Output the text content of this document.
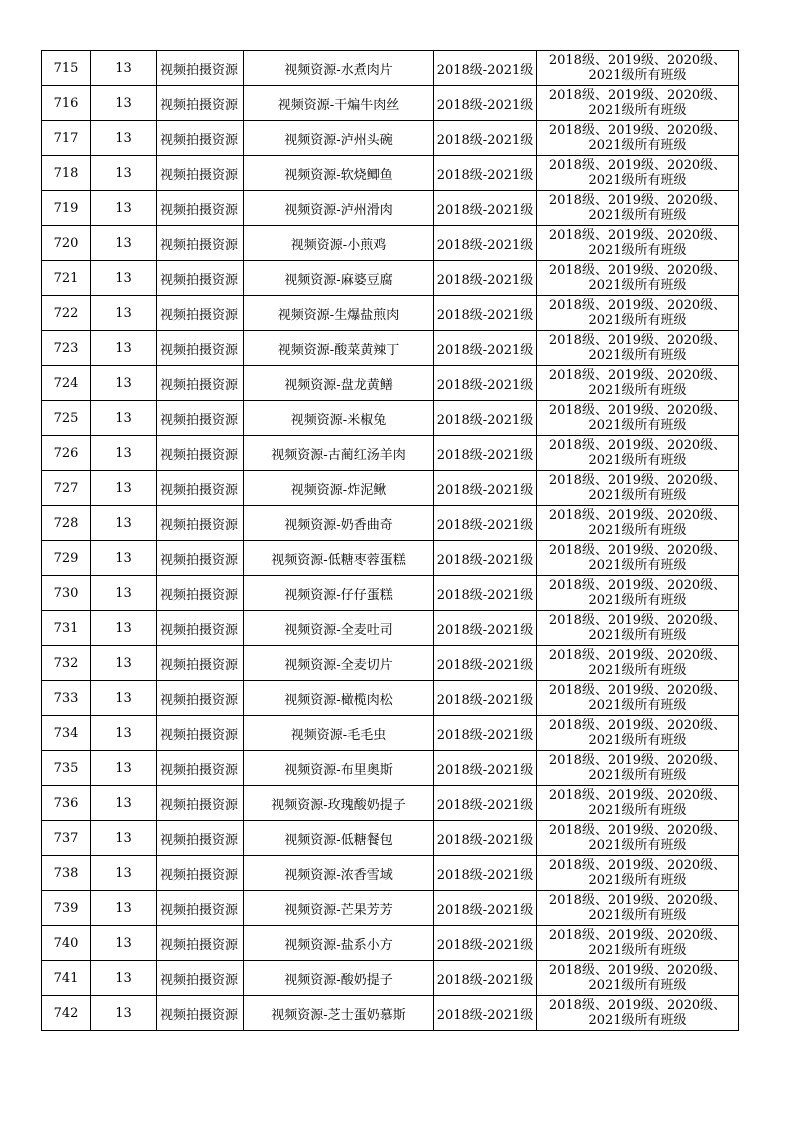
715	13	视频拍摄资源	视频资源-水煮肉片	2018级-2021级	2018级、2019级、2020级、
2021级所有班级

716	13	视频拍摄资源	视频资源-干煸牛肉丝	2018级-2021级	2018级、2019级、2020级、
2021级所有班级

717	13	视频拍摄资源	视频资源-泸州头碗	2018级-2021级	2018级、2019级、2020级、
2021级所有班级

718	13	视频拍摄资源	视频资源-软烧鲫鱼	2018级-2021级	2018级、2019级、2020级、
2021级所有班级

719	13	视频拍摄资源	视频资源-泸州滑肉	2018级-2021级	2018级、2019级、2020级、
2021级所有班级

720	13	视频拍摄资源	视频资源-小煎鸡	2018级-2021级	2018级、2019级、2020级、
2021级所有班级

721	13	视频拍摄资源	视频资源-麻婆豆腐	2018级-2021级	2018级、2019级、2020级、
2021级所有班级

722	13	视频拍摄资源	视频资源-生爆盐煎肉	2018级-2021级	2018级、2019级、2020级、
2021级所有班级

723	13	视频拍摄资源	视频资源-酸菜黄辣丁	2018级-2021级	2018级、2019级、2020级、
2021级所有班级

724	13	视频拍摄资源	视频资源-盘龙黄鳝	2018级-2021级	2018级、2019级、2020级、
2021级所有班级

725	13	视频拍摄资源	视频资源-米椒兔	2018级-2021级	2018级、2019级、2020级、
2021级所有班级

726	13	视频拍摄资源	视频资源-古蔺红汤羊肉	2018级-2021级	2018级、2019级、2020级、
2021级所有班级

727	13	视频拍摄资源	视频资源-炸泥鳅	2018级-2021级	2018级、2019级、2020级、
2021级所有班级

728	13	视频拍摄资源	视频资源-奶香曲奇	2018级-2021级	2018级、2019级、2020级、
2021级所有班级

729	13	视频拍摄资源	视频资源-低糖枣蓉蛋糕	2018级-2021级	2018级、2019级、2020级、
2021级所有班级

730	13	视频拍摄资源	视频资源-仔仔蛋糕	2018级-2021级	2018级、2019级、2020级、
2021级所有班级

731	13	视频拍摄资源	视频资源-全麦吐司	2018级-2021级	2018级、2019级、2020级、
2021级所有班级

732	13	视频拍摄资源	视频资源-全麦切片	2018级-2021级	2018级、2019级、2020级、
2021级所有班级

733	13	视频拍摄资源	视频资源-橄榄肉松	2018级-2021级	2018级、2019级、2020级、
2021级所有班级

734	13	视频拍摄资源	视频资源-毛毛虫	2018级-2021级	2018级、2019级、2020级、
2021级所有班级

735	13	视频拍摄资源	视频资源-布里奥斯	2018级-2021级	2018级、2019级、2020级、
2021级所有班级

736	13	视频拍摄资源	视频资源-玫瑰酸奶提子	2018级-2021级	2018级、2019级、2020级、
2021级所有班级

737	13	视频拍摄资源	视频资源-低糖餐包	2018级-2021级	2018级、2019级、2020级、
2021级所有班级

738	13	视频拍摄资源	视频资源-浓香雪域	2018级-2021级	2018级、2019级、2020级、
2021级所有班级

739	13	视频拍摄资源	视频资源-芒果芳芳	2018级-2021级	2018级、2019级、2020级、
2021级所有班级

740	13	视频拍摄资源	视频资源-盐系小方	2018级-2021级	2018级、2019级、2020级、
2021级所有班级

741	13	视频拍摄资源	视频资源-酸奶提子	2018级-2021级	2018级、2019级、2020级、
2021级所有班级

742	13	视频拍摄资源	视频资源-芝士蛋奶慕斯	2018级-2021级	2018级、2019级、2020级、
2021级所有班级
